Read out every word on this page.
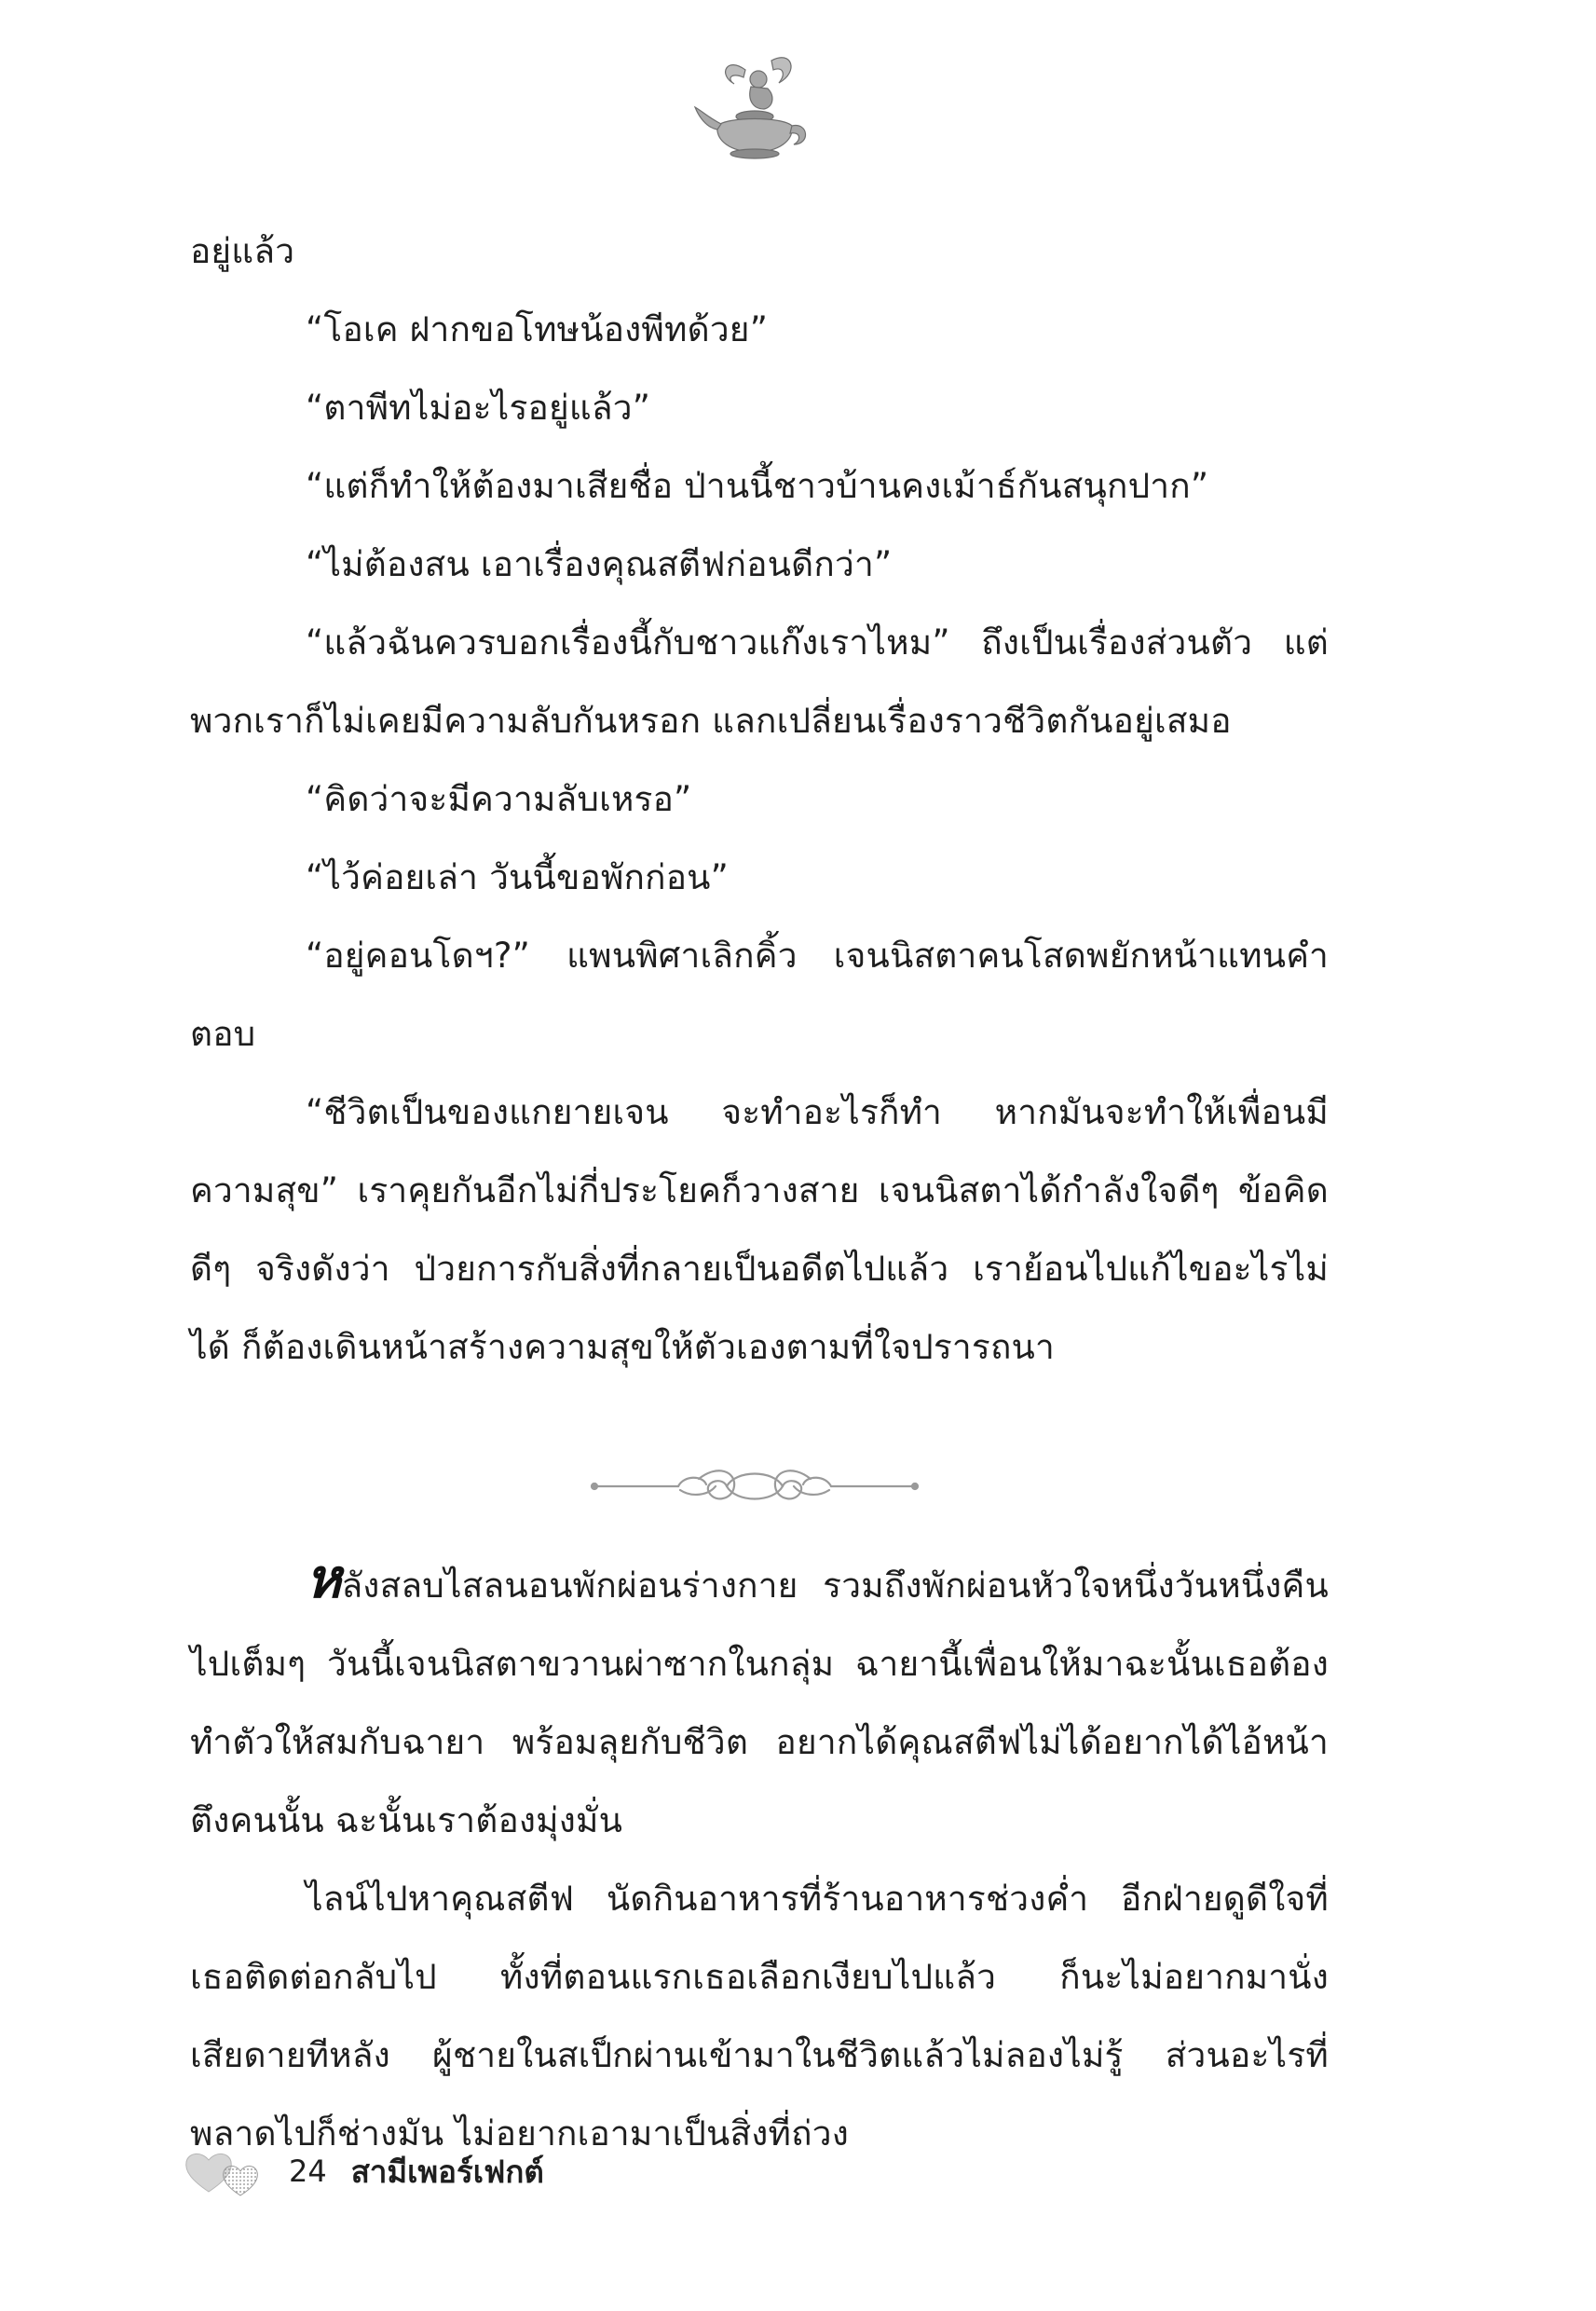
อยู่แล้ว

“โอเค ฝากขอโทษน้องพีทด้วย”

“ตาพีทไม่อะไรอยู่แล้ว”

“แต่ก็ทำให้ต้องมาเสียชื่อ ป่านนี้ชาวบ้านคงเม้าธ์กันสนุกปาก”

“ไม่ต้องสน เอาเรื่องคุณสตีฟก่อนดีกว่า”

“แล้วฉันควรบอกเรื่องนี้กับชาวแก๊งเราไหม” ถึงเป็นเรื่องส่วนตัว แต่พวกเราก็ไม่เคยมีความลับกันหรอก แลกเปลี่ยนเรื่องราวชีวิตกันอยู่เสมอ

“คิดว่าจะมีความลับเหรอ”

“ไว้ค่อยเล่า วันนี้ขอพักก่อน”

“อยู่คอนโดฯ?” แพนพิศาเลิกคิ้ว เจนนิสตาคนโสดพยักหน้าแทนคำตอบ

“ชีวิตเป็นของแกยายเจน จะทำอะไรก็ทำ หากมันจะทำให้เพื่อนมีความสุข” เราคุยกันอีกไม่กี่ประโยคก็วางสาย เจนนิสตาได้กำลังใจดีๆ ข้อคิดดีๆ จริงดังว่า ป่วยการกับสิ่งที่กลายเป็นอดีตไปแล้ว เราย้อนไปแก้ไขอะไรไม่ได้ ก็ต้องเดินหน้าสร้างความสุขให้ตัวเองตามที่ใจปรารถนา

หลังสลบไสลนอนพักผ่อนร่างกาย รวมถึงพักผ่อนหัวใจหนึ่งวันหนึ่งคืนไปเต็มๆ วันนี้เจนนิสตาขวานผ่าซากในกลุ่ม ฉายานี้เพื่อนให้มาฉะนั้นเธอต้องทำตัวให้สมกับฉายา พร้อมลุยกับชีวิต อยากได้คุณสตีฟไม่ได้อยากได้ไอ้หน้าตึงคนนั้น ฉะนั้นเราต้องมุ่งมั่น

ไลน์ไปหาคุณสตีฟ นัดกินอาหารที่ร้านอาหารช่วงค่ำ อีกฝ่ายดูดีใจที่เธอติดต่อกลับไป ทั้งที่ตอนแรกเธอเลือกเงียบไปแล้ว ก็นะไม่อยากมานั่งเสียดายทีหลัง ผู้ชายในสเป็กผ่านเข้ามาในชีวิตแล้วไม่ลองไม่รู้ ส่วนอะไรที่พลาดไปก็ช่างมัน ไม่อยากเอามาเป็นสิ่งที่ถ่วง

24 สามีเพอร์เฟกต์
